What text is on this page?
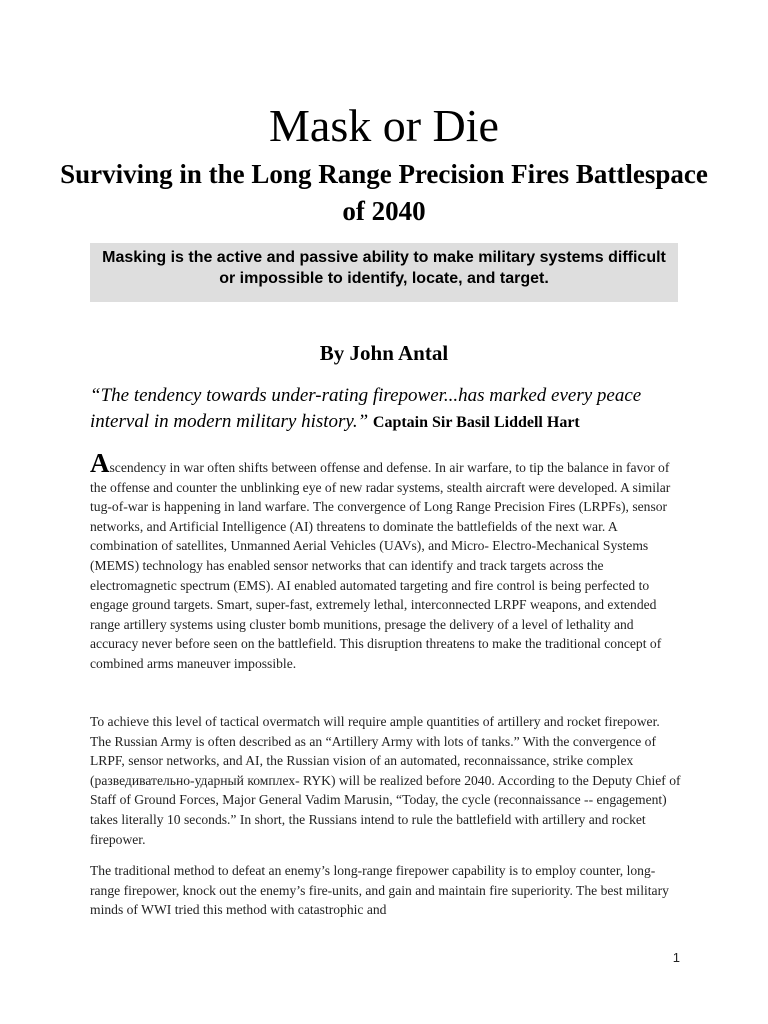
Mask or Die
Surviving in the Long Range Precision Fires Battlespace of 2040
Masking is the active and passive ability to make military systems difficult or impossible to identify, locate, and target.
By John Antal
“The tendency towards under-rating firepower...has marked every peace interval in modern military history.” Captain Sir Basil Liddell Hart

Ascendency in war often shifts between offense and defense. In air warfare, to tip the balance in favor of the offense and counter the unblinking eye of new radar systems, stealth aircraft were developed. A similar tug-of-war is happening in land warfare. The convergence of Long Range Precision Fires (LRPFs), sensor networks, and Artificial Intelligence (AI) threatens to dominate the battlefields of the next war. A combination of satellites, Unmanned Aerial Vehicles (UAVs), and Micro- Electro-Mechanical Systems (MEMS) technology has enabled sensor networks that can identify and track targets across the electromagnetic spectrum (EMS). AI enabled automated targeting and fire control is being perfected to engage ground targets. Smart, super-fast, extremely lethal, interconnected LRPF weapons, and extended range artillery systems using cluster bomb munitions, presage the delivery of a level of lethality and accuracy never before seen on the battlefield. This disruption threatens to make the traditional concept of combined arms maneuver impossible.

To achieve this level of tactical overmatch will require ample quantities of artillery and rocket firepower. The Russian Army is often described as an “Artillery Army with lots of tanks.” With the convergence of LRPF, sensor networks, and AI, the Russian vision of an automated, reconnaissance, strike complex (разведивательно-ударный комплех- RYK) will be realized before 2040. According to the Deputy Chief of Staff of Ground Forces, Major General Vadim Marusin, “Today, the cycle (reconnaissance -- engagement) takes literally 10 seconds.” In short, the Russians intend to rule the battlefield with artillery and rocket firepower.

The traditional method to defeat an enemy’s long-range firepower capability is to employ counter, long-range firepower, knock out the enemy’s fire-units, and gain and maintain fire superiority. The best military minds of WWI tried this method with catastrophic and

1
